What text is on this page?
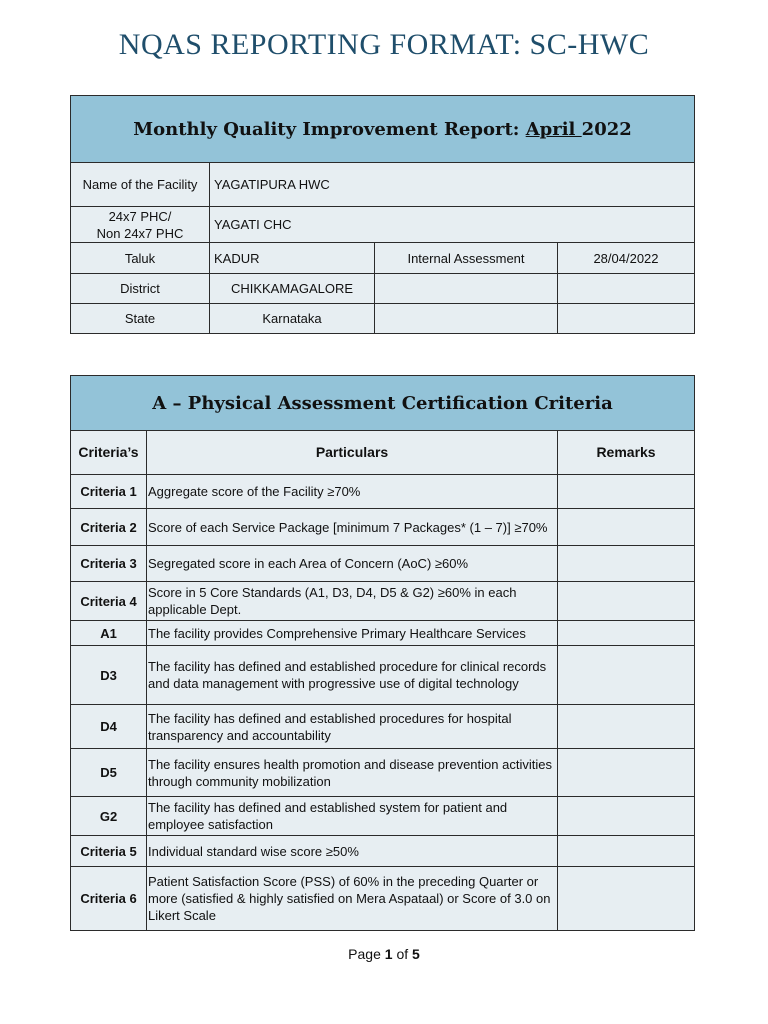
NQAS REPORTING FORMAT: SC-HWC
Monthly Quality Improvement Report: April 2022			
Name of the Facility	YAGATIPURA HWC		
24x7 PHC/
Non 24x7 PHC	YAGATI CHC		
Taluk	KADUR	Internal Assessment	28/04/2022
District	CHIKKAMAGALORE		
State	Karnataka		
A – Physical Assessment Certification Criteria		
Criteria’s	Particulars	Remarks
Criteria 1	Aggregate score of the Facility ≥70%	
Criteria 2	Score of each Service Package [minimum 7 Packages* (1 – 7)] ≥70%	
Criteria 3	Segregated score in each Area of Concern (AoC) ≥60%	
Criteria 4	Score in 5 Core Standards (A1, D3, D4, D5 & G2) ≥60% in each applicable Dept.	
A1	The facility provides Comprehensive Primary Healthcare Services	
D3	The facility has defined and established procedure for clinical records and data management with progressive use of digital technology	
D4	The facility has defined and established procedures for hospital transparency and accountability	
D5	The facility ensures health promotion and disease prevention activities through community mobilization	
G2	The facility has defined and established system for patient and employee satisfaction	
Criteria 5	Individual standard wise score ≥50%	
Criteria 6	Patient Satisfaction Score (PSS) of 60% in the preceding Quarter or more (satisfied & highly satisfied on Mera Aspataal) or Score of 3.0 on Likert Scale	
Page 1 of 5
